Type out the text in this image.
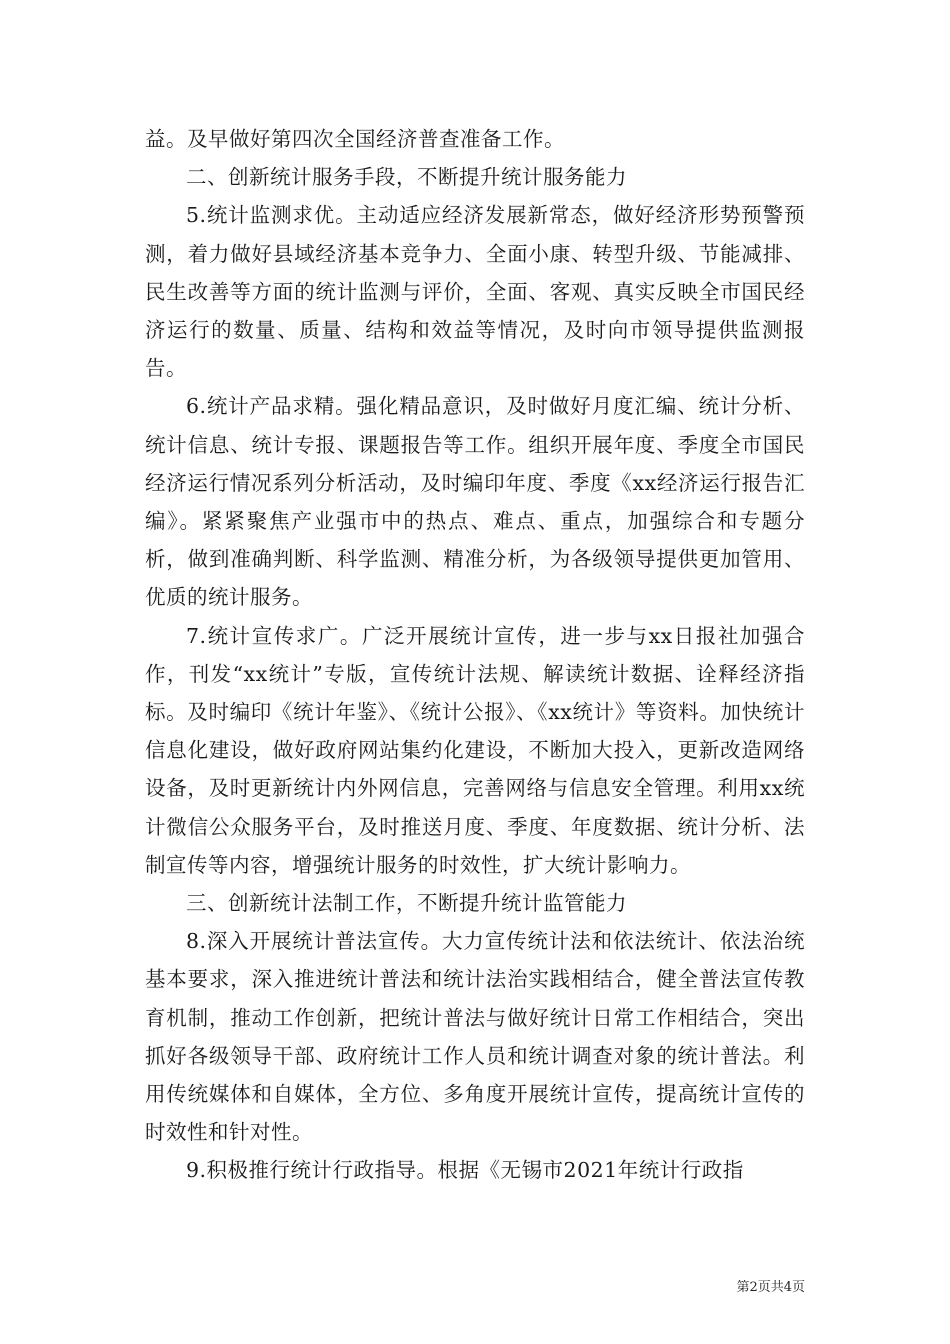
益。及早做好第四次全国经济普查准备工作。

二、创新统计服务手段，不断提升统计服务能力

5.统计监测求优。主动适应经济发展新常态，做好经济形势预警预测，着力做好县域经济基本竞争力、全面小康、转型升级、节能减排、民生改善等方面的统计监测与评价，全面、客观、真实反映全市国民经济运行的数量、质量、结构和效益等情况，及时向市领导提供监测报告。

6.统计产品求精。强化精品意识，及时做好月度汇编、统计分析、统计信息、统计专报、课题报告等工作。组织开展年度、季度全市国民经济运行情况系列分析活动，及时编印年度、季度《xx经济运行报告汇编》。紧紧聚焦产业强市中的热点、难点、重点，加强综合和专题分析，做到准确判断、科学监测、精准分析，为各级领导提供更加管用、优质的统计服务。

7.统计宣传求广。广泛开展统计宣传，进一步与xx日报社加强合作，刊发“xx统计”专版，宣传统计法规、解读统计数据、诠释经济指标。及时编印《统计年鉴》、《统计公报》、《xx统计》等资料。加快统计信息化建设，做好政府网站集约化建设，不断加大投入，更新改造网络设备，及时更新统计内外网信息，完善网络与信息安全管理。利用xx统计微信公众服务平台，及时推送月度、季度、年度数据、统计分析、法制宣传等内容，增强统计服务的时效性，扩大统计影响力。

三、创新统计法制工作，不断提升统计监管能力

8.深入开展统计普法宣传。大力宣传统计法和依法统计、依法治统基本要求，深入推进统计普法和统计法治实践相结合，健全普法宣传教育机制，推动工作创新，把统计普法与做好统计日常工作相结合，突出抓好各级领导干部、政府统计工作人员和统计调查对象的统计普法。利用传统媒体和自媒体，全方位、多角度开展统计宣传，提高统计宣传的时效性和针对性。

9.积极推行统计行政指导。根据《无锡市2021年统计行政指

第2页共4页
